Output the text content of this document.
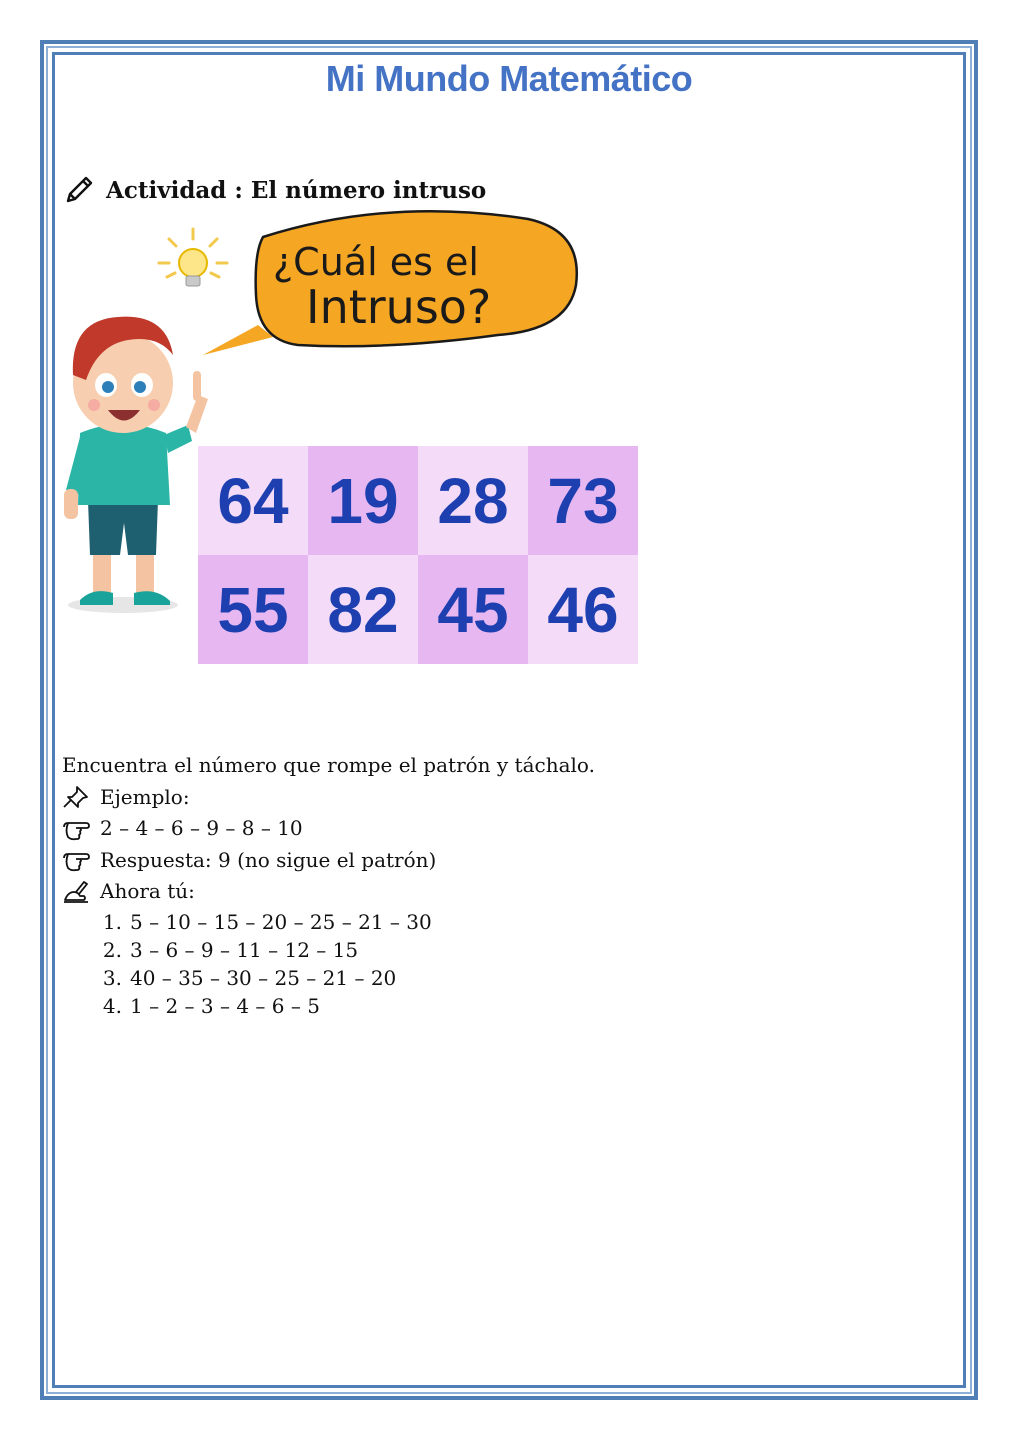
Mi Mundo Matemático
Actividad : El número intruso
¿Cuál es el
Intruso?
64 19 28 73
55 82 45 46
Encuentra el número que rompe el patrón y táchalo.
Ejemplo:
2 – 4 – 6 – 9 – 8 – 10
Respuesta: 9 (no sigue el patrón)
Ahora tú:
1. 5 – 10 – 15 – 20 – 25 – 21 – 30
2. 3 – 6 – 9 – 11 – 12 – 15
3. 40 – 35 – 30 – 25 – 21 – 20
4. 1 – 2 – 3 – 4 – 6 – 5
